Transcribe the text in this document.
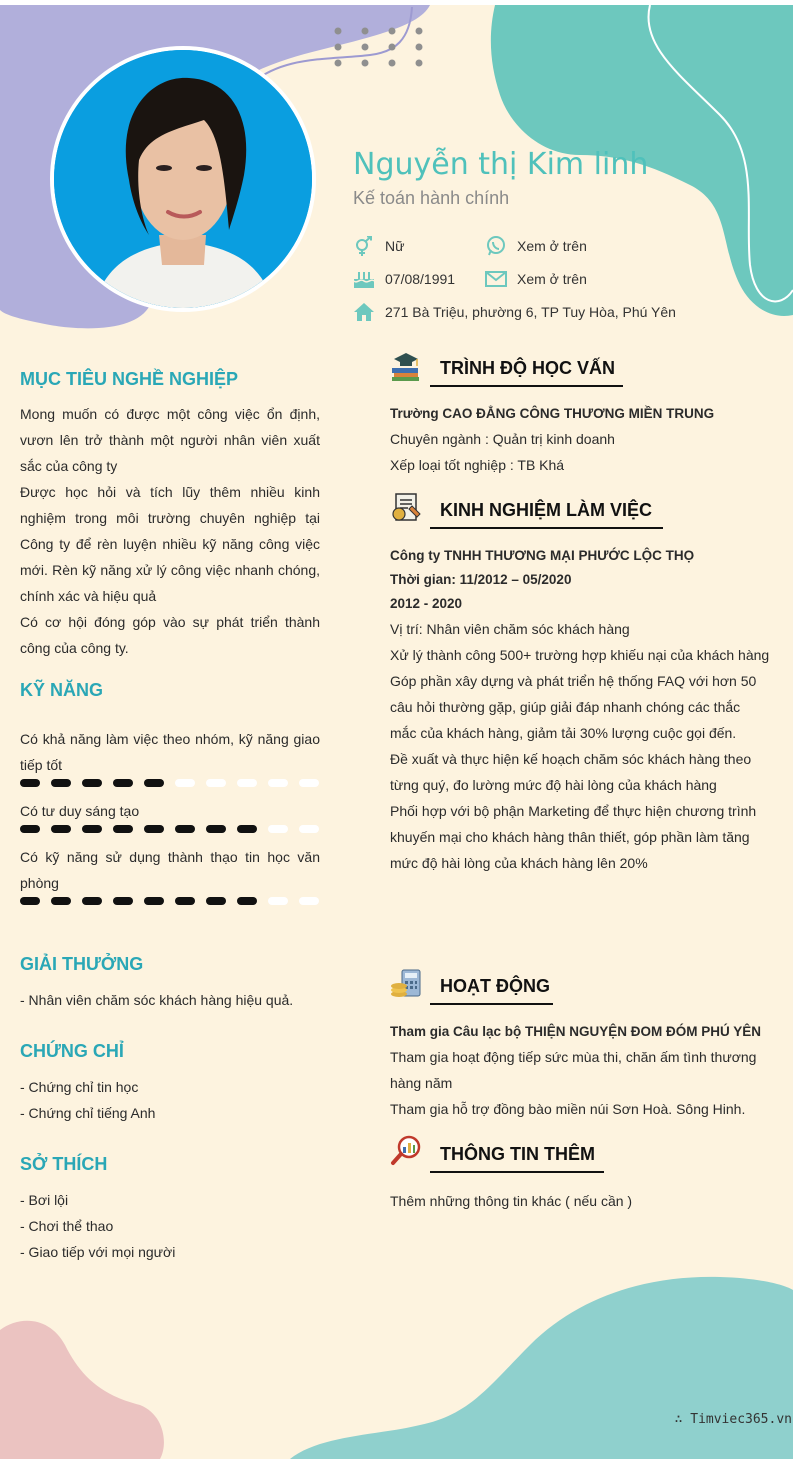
Nguyễn thị Kim linh
Kế toán hành chính
Nữ	Xem ở trên
07/08/1991	Xem ở trên
271 Bà Triệu, phường 6, TP Tuy Hòa, Phú Yên
MỤC TIÊU NGHỀ NGHIỆP

Mong muốn có được một công việc ổn định, vươn lên trở thành một người nhân viên xuất sắc của công ty

Được học hỏi và tích lũy thêm nhiều kinh nghiệm trong môi trường chuyên nghiệp tại Công ty để rèn luyện nhiều kỹ năng công việc mới. Rèn kỹ năng xử lý công việc nhanh chóng, chính xác và hiệu quả

Có cơ hội đóng góp vào sự phát triển thành công của công ty.

KỸ NĂNG
Có khả năng làm việc theo nhóm, kỹ năng giao tiếp tốt
Có tư duy sáng tạo
Có kỹ năng sử dụng thành thạo tin học văn phòng
GIẢI THƯỞNG
- Nhân viên chăm sóc khách hàng hiệu quả.
CHỨNG CHỈ
- Chứng chỉ tin học
- Chứng chỉ tiếng Anh
SỞ THÍCH
- Bơi lội
- Chơi thể thao
- Giao tiếp với mọi người
TRÌNH ĐỘ HỌC VẤN

Trường CAO ĐẲNG CÔNG THƯƠNG MIỀN TRUNG

Chuyên ngành : Quản trị kinh doanh

Xếp loại tốt nghiệp : TB Khá

KINH NGHIỆM LÀM VIỆC

Công ty TNHH THƯƠNG MẠI PHƯỚC LỘC THỌ

Thời gian: 11/2012 – 05/2020

2012 - 2020

Vị trí: Nhân viên chăm sóc khách hàng

Xử lý thành công 500+ trường hợp khiếu nại của khách hàng

Góp phần xây dựng và phát triển hệ thống FAQ với hơn 50 câu hỏi thường gặp, giúp giải đáp nhanh chóng các thắc mắc của khách hàng, giảm tải 30% lượng cuộc gọi đến.

Đề xuất và thực hiện kế hoạch chăm sóc khách hàng theo từng quý, đo lường mức độ hài lòng của khách hàng

Phối hợp với bộ phận Marketing để thực hiện chương trình khuyến mại cho khách hàng thân thiết, góp phần làm tăng mức độ hài lòng của khách hàng lên 20%

HOẠT ĐỘNG

Tham gia Câu lạc bộ THIỆN NGUYỆN ĐOM ĐÓM PHÚ YÊN

Tham gia hoạt động tiếp sức mùa thi, chăn ấm tình thương hàng năm

Tham gia hỗ trợ đồng bào miền núi Sơn Hoà. Sông Hinh.

THÔNG TIN THÊM

Thêm những thông tin khác ( nếu cần )

∴ Timviec365.vn
